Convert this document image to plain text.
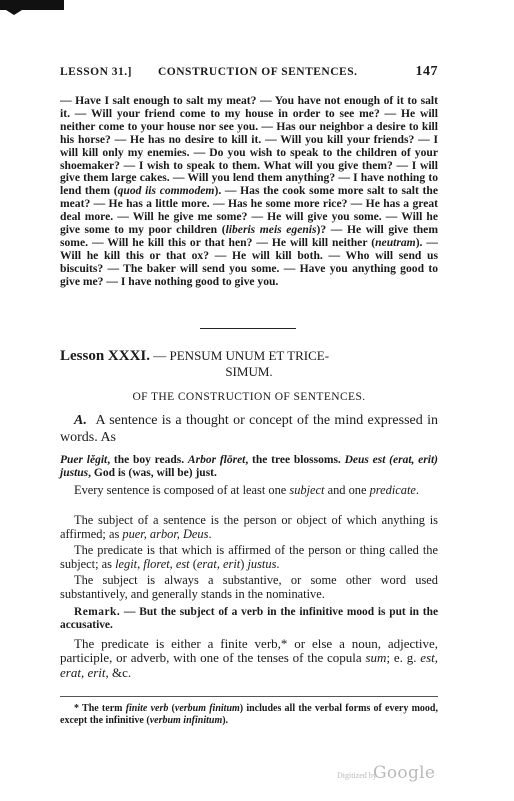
LESSON 31.] CONSTRUCTION OF SENTENCES.	147
— Have I salt enough to salt my meat? — You have not enough of it to salt it. — Will your friend come to my house in order to see me? — He will neither come to your house nor see you. — Has our neighbor a desire to kill his horse? — He has no desire to kill it. — Will you kill your friends? — I will kill only my enemies. — Do you wish to speak to the children of your shoemaker? — I wish to speak to them. What will you give them? — I will give them large cakes. — Will you lend them anything? — I have nothing to lend them (quod iis commodem). — Has the cook some more salt to salt the meat? — He has a little more. — Has he some more rice? — He has a great deal more. — Will he give me some? — He will give you some. — Will he give some to my poor children (liberis meis egenis)? — He will give them some. — Will he kill this or that hen? — He will kill neither (neutram). — Will he kill this or that ox? — He will kill both. — Who will send us biscuits? — The baker will send you some. — Have you anything good to give me? — I have nothing good to give you.
Lesson XXXI. — PENSUM UNUM ET TRICE-
SIMUM.
OF THE CONSTRUCTION OF SENTENCES.
A. A sentence is a thought or concept of the mind expressed in words. As
Puer lĕgit, the boy reads. Arbor flōret, the tree blossoms. Deus est (erat, erit) justus, God is (was, will be) just.
Every sentence is composed of at least one subject and one predicate.
The subject of a sentence is the person or object of which anything is affirmed; as puer, arbor, Deus.
The predicate is that which is affirmed of the person or thing called the subject; as legit, floret, est (erat, erit) justus.
The subject is always a substantive, or some other word used substantively, and generally stands in the nominative.
Remark. — But the subject of a verb in the infinitive mood is put in the accusative.
The predicate is either a finite verb,* or else a noun, adjective, participle, or adverb, with one of the tenses of the copula sum; e. g. est, erat, erit, &c.
* The term finite verb (verbum finitum) includes all the verbal forms of every mood, except the infinitive (verbum infinitum).
Digitized by
Google
